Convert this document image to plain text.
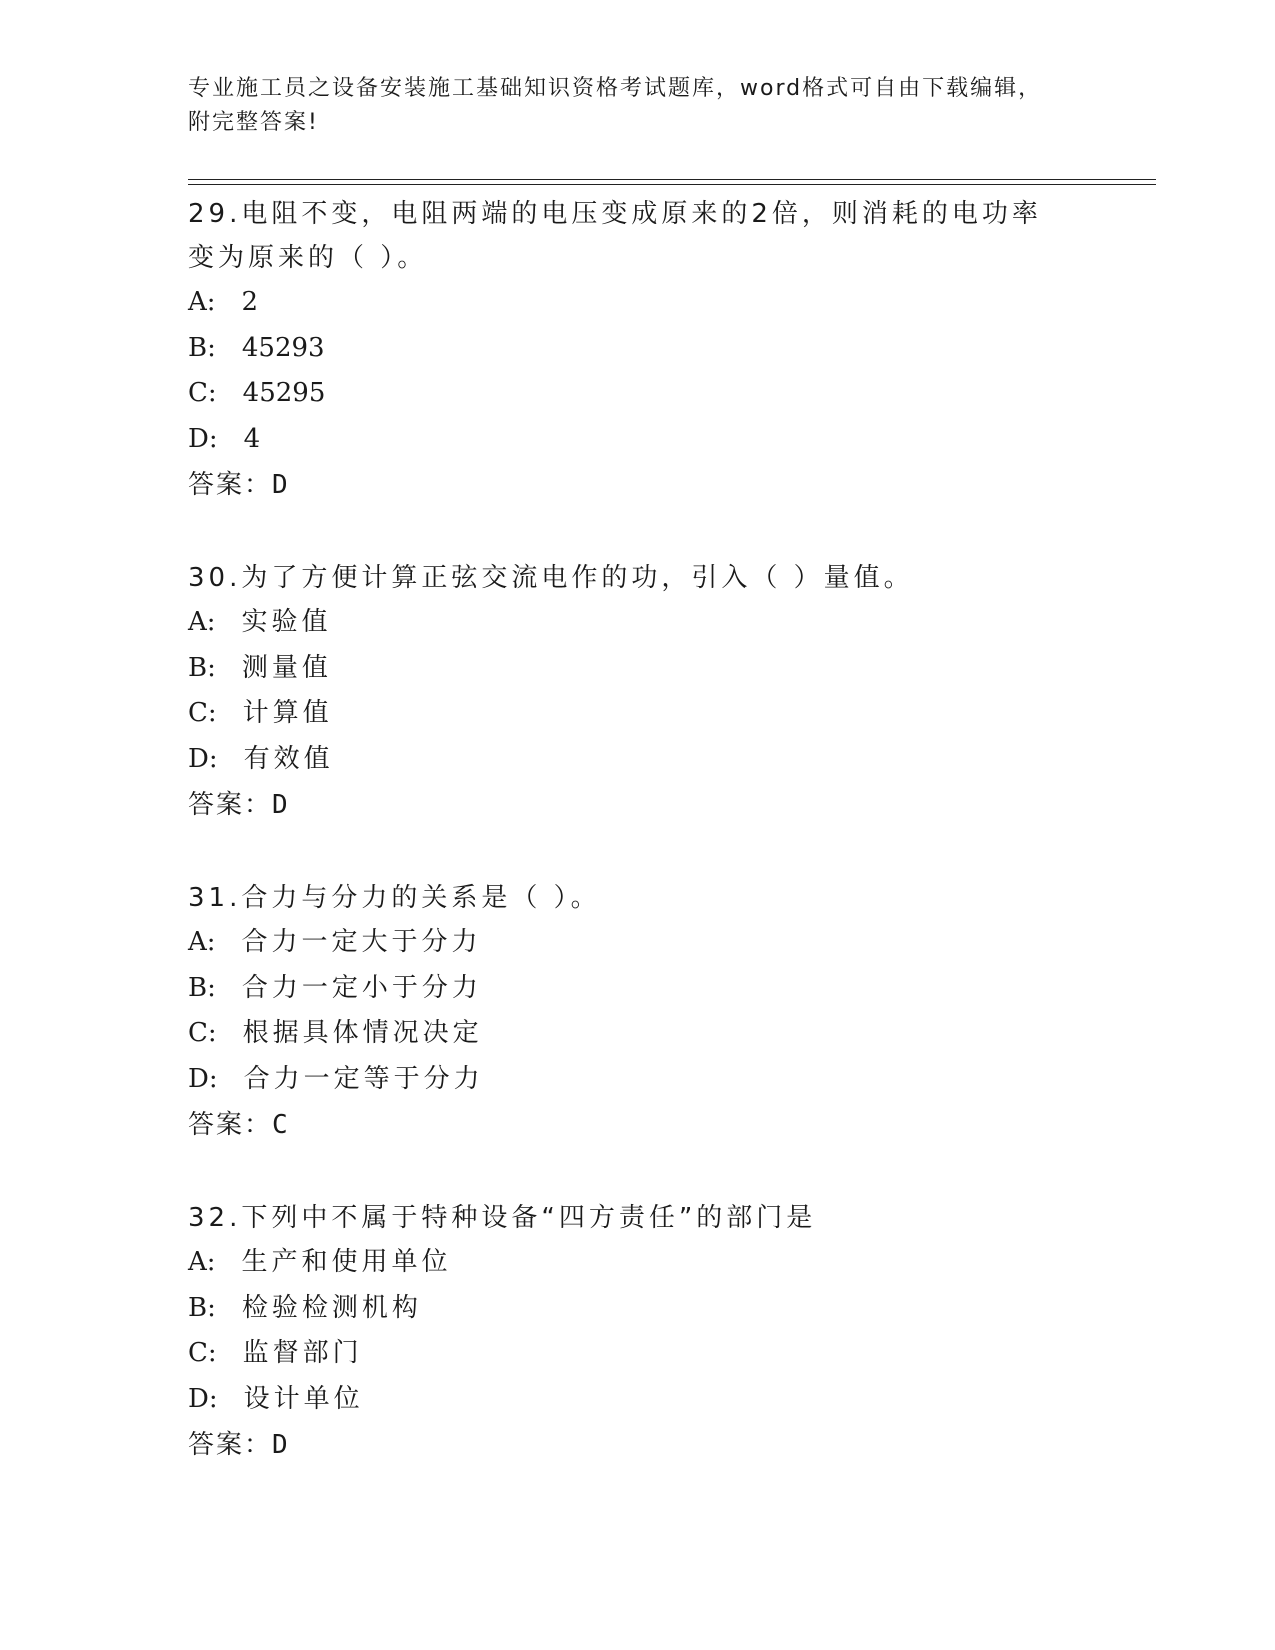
专业施工员之设备安装施工基础知识资格考试题库，word格式可自由下载编辑，
附完整答案!
29.电阻不变，电阻两端的电压变成原来的2倍，则消耗的电功率变为原来的（ ）。
A : 2
B : 45293
C : 45295
D : 4
答案：D
30.为了方便计算正弦交流电作的功，引入（ ）量值。
A : 实验值
B : 测量值
C : 计算值
D : 有效值
答案：D
31.合力与分力的关系是（ ）。
A : 合力一定大于分力
B : 合力一定小于分力
C : 根据具体情况决定
D : 合力一定等于分力
答案：C
32.下列中不属于特种设备“四方责任”的部门是
A : 生产和使用单位
B : 检验检测机构
C : 监督部门
D : 设计单位
答案：D
